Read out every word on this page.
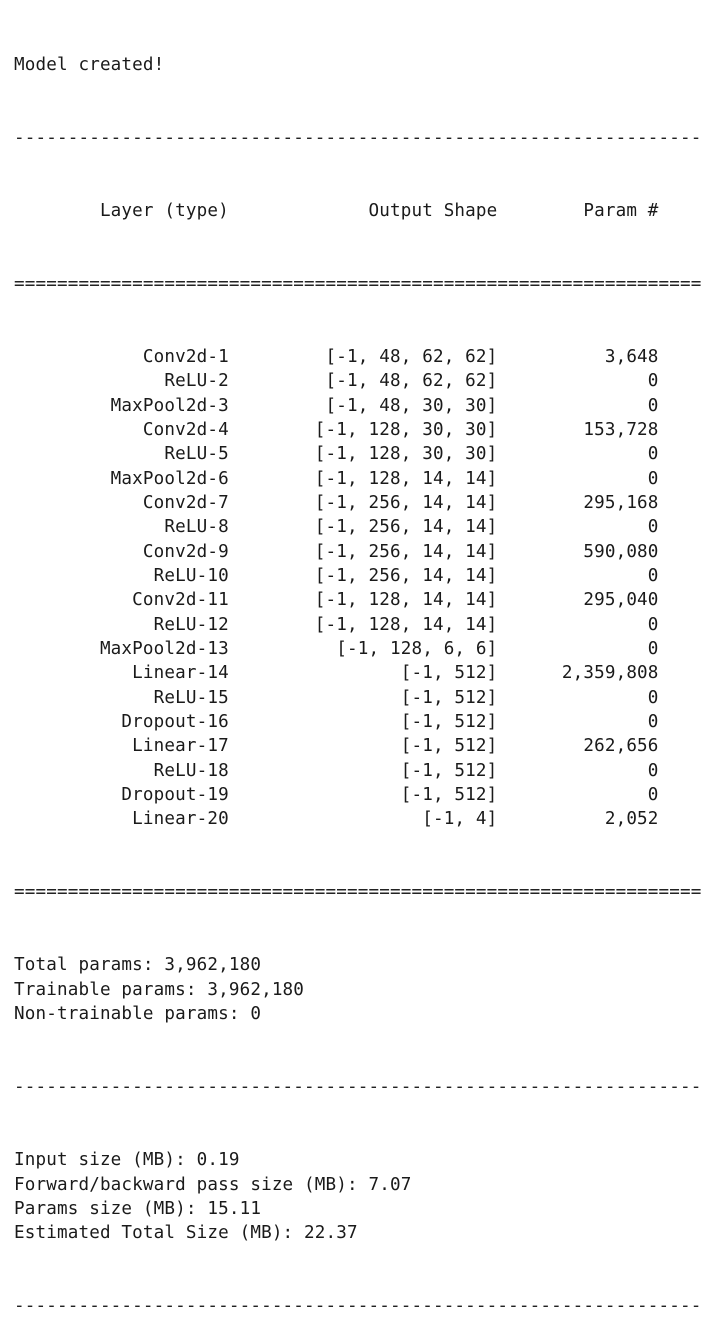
Model created!

----------------------------------------------------------------

Layer (type)             Output Shape        Param #

================================================================

Conv2d-1         [-1, 48, 62, 62]          3,648
ReLU-2         [-1, 48, 62, 62]              0
MaxPool2d-3         [-1, 48, 30, 30]              0
Conv2d-4        [-1, 128, 30, 30]        153,728
ReLU-5        [-1, 128, 30, 30]              0
MaxPool2d-6        [-1, 128, 14, 14]              0
Conv2d-7        [-1, 256, 14, 14]        295,168
ReLU-8        [-1, 256, 14, 14]              0
Conv2d-9        [-1, 256, 14, 14]        590,080
ReLU-10        [-1, 256, 14, 14]              0
Conv2d-11        [-1, 128, 14, 14]        295,040
ReLU-12        [-1, 128, 14, 14]              0
MaxPool2d-13          [-1, 128, 6, 6]              0
Linear-14                [-1, 512]      2,359,808
ReLU-15                [-1, 512]              0
Dropout-16                [-1, 512]              0
Linear-17                [-1, 512]        262,656
ReLU-18                [-1, 512]              0
Dropout-19                [-1, 512]              0
Linear-20                  [-1, 4]          2,052

================================================================

Total params: 3,962,180
Trainable params: 3,962,180
Non-trainable params: 0

----------------------------------------------------------------

Input size (MB): 0.19
Forward/backward pass size (MB): 7.07
Params size (MB): 15.11
Estimated Total Size (MB): 22.37

----------------------------------------------------------------
